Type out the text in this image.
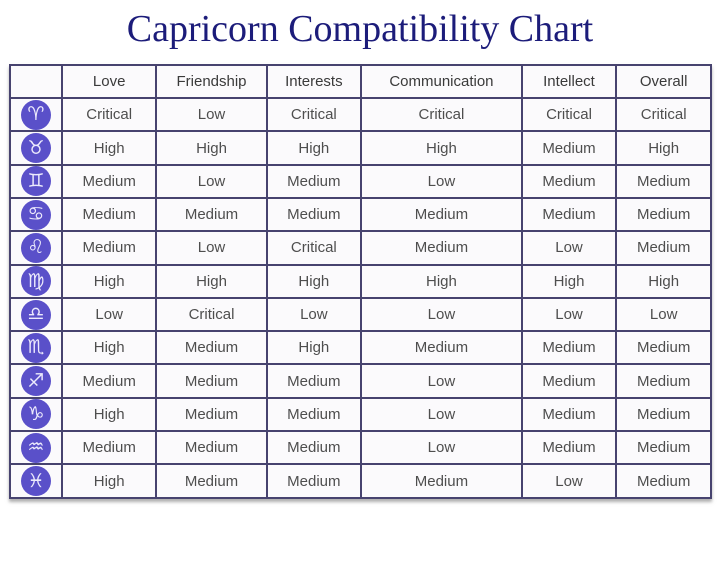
Capricorn Compatibility Chart
	Love	Friendship	Interests	Communication	Intellect	Overall

♈	Critical	Low	Critical	Critical	Critical	Critical

♉	High	High	High	High	Medium	High

♊	Medium	Low	Medium	Low	Medium	Medium

♋	Medium	Medium	Medium	Medium	Medium	Medium

♌	Medium	Low	Critical	Medium	Low	Medium

♍	High	High	High	High	High	High

♎	Low	Critical	Low	Low	Low	Low

♏	High	Medium	High	Medium	Medium	Medium

♐	Medium	Medium	Medium	Low	Medium	Medium

♑	High	Medium	Medium	Low	Medium	Medium

♒	Medium	Medium	Medium	Low	Medium	Medium

♓	High	Medium	Medium	Medium	Low	Medium
